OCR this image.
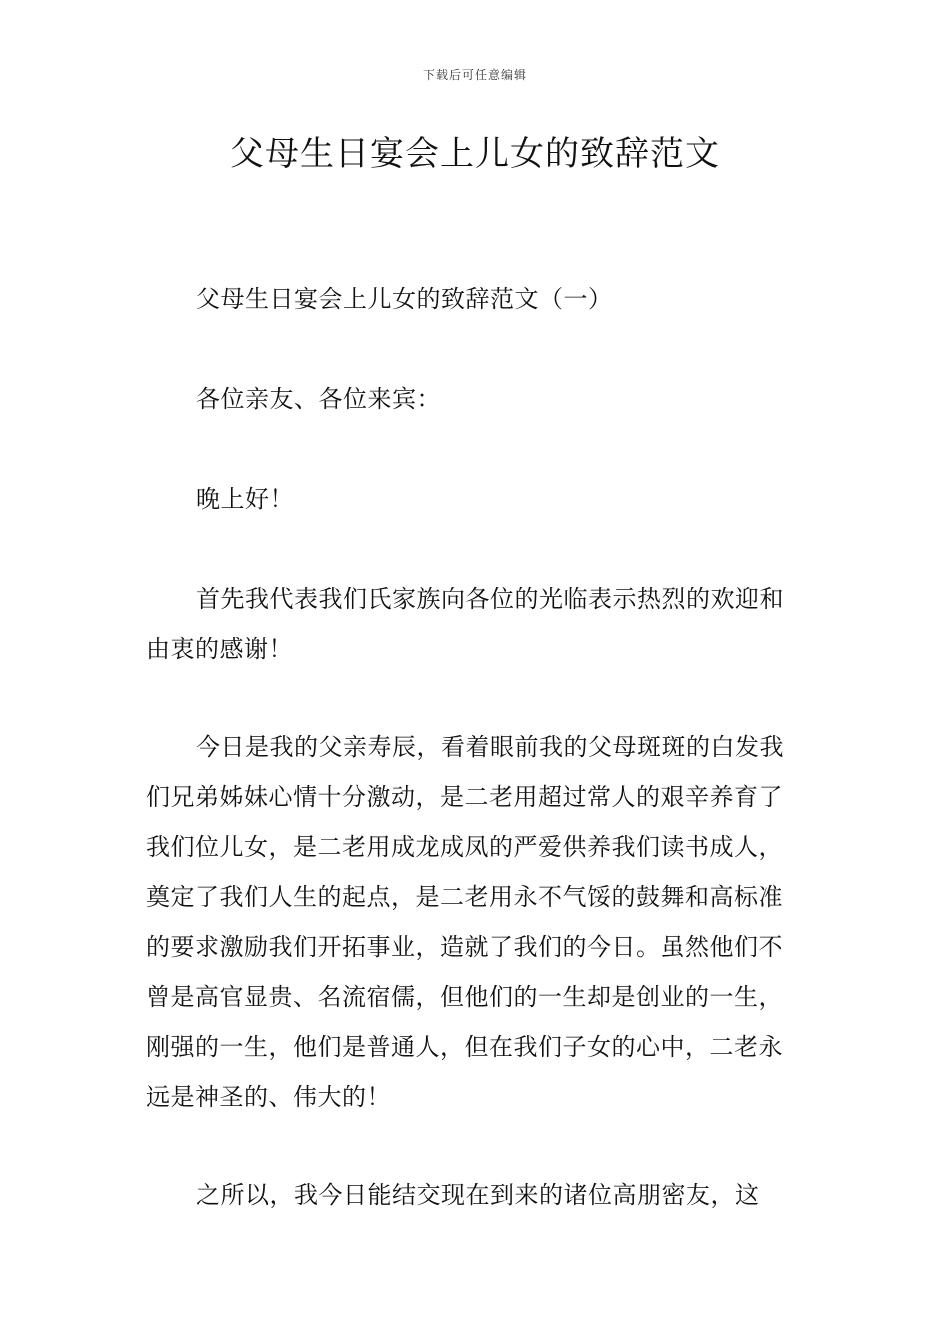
下载后可任意编辑
父母生日宴会上儿女的致辞范文

父母生日宴会上儿女的致辞范文（一）

各位亲友、各位来宾：

晚上好！

首先我代表我们氏家族向各位的光临表示热烈的欢迎和由衷的感谢！

今日是我的父亲寿辰，看着眼前我的父母斑斑的白发我们兄弟姊妹心情十分激动，是二老用超过常人的艰辛养育了我们位儿女，是二老用成龙成凤的严爱供养我们读书成人，奠定了我们人生的起点，是二老用永不气馁的鼓舞和高标准的要求激励我们开拓事业，造就了我们的今日。虽然他们不曾是高官显贵、名流宿儒，但他们的一生却是创业的一生，刚强的一生，他们是普通人，但在我们子女的心中，二老永远是神圣的、伟大的！

之所以，我今日能结交现在到来的诸位高朋密友，这
